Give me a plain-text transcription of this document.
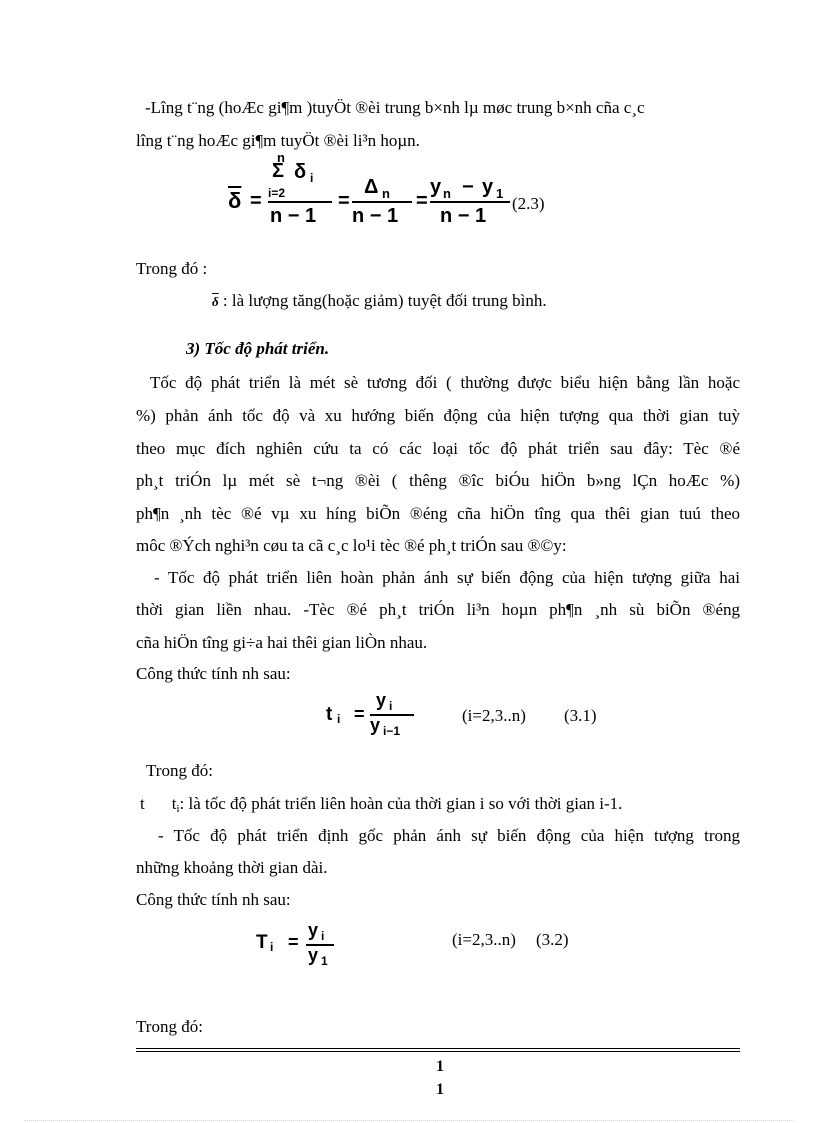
-Lîng t¨ng (hoÆc gi¶m )tuyÖt ®èi trung b×nh lµ møc trung b×nh cña c¸c
lîng t¨ng hoÆc gi¶m tuyÖt ®èi li³n hoµn.
$\overline{\delta}$ =
n
Σ δ i
i=2
n − 1
=
Δ n
n − 1
=
y n − y 1
n − 1
(2.3)
Trong đó :
$\overline{\delta}$ : là lượng tăng(hoặc giảm) tuyệt đối trung bình.
3) Tốc độ phát triển.
Tốc độ phát triển là mét sè tương đối ( thường được biểu hiện bằng lần hoặc
%) phản ánh tốc độ và xu hướng biến động của hiện tượng qua thời gian tuỳ
theo mục đích nghiên cứu ta có các loại tốc độ phát triển sau đây: Tèc ®é
ph¸t triÓn lµ mét sè t¬ng ®èi ( thêng ®îc biÓu hiÖn b»ng lÇn hoÆc %)
ph¶n ¸nh tèc ®é vµ xu híng biÕn ®éng cña hiÖn tîng qua thêi gian tuú theo
môc ®Ých nghi³n cøu ta cã c¸c lo¹i tèc ®é ph¸t triÓn sau ®©y:
- Tốc độ phát triển liên hoàn phản ánh sự biến động của hiện tượng giữa hai
thời gian liền nhau. -Tèc ®é ph¸t triÓn li³n hoµn ph¶n ¸nh sù biÕn ®éng
cña hiÖn tîng gi÷a hai thêi gian liÒn nhau.
Công thức tính nh sau:
t i =
y i
y i−1
(i=2,3..n) (3.1)
Trong đó:
t ti: là tốc độ phát triển liên hoàn của thời gian i so với thời gian i-1.
- Tốc độ phát triển định gốc phản ánh sự biến động của hiện tượng trong
những khoảng thời gian dài.
Công thức tính nh sau:
T i =
y i
y 1
(i=2,3..n) (3.2)
Trong đó:
1
1
